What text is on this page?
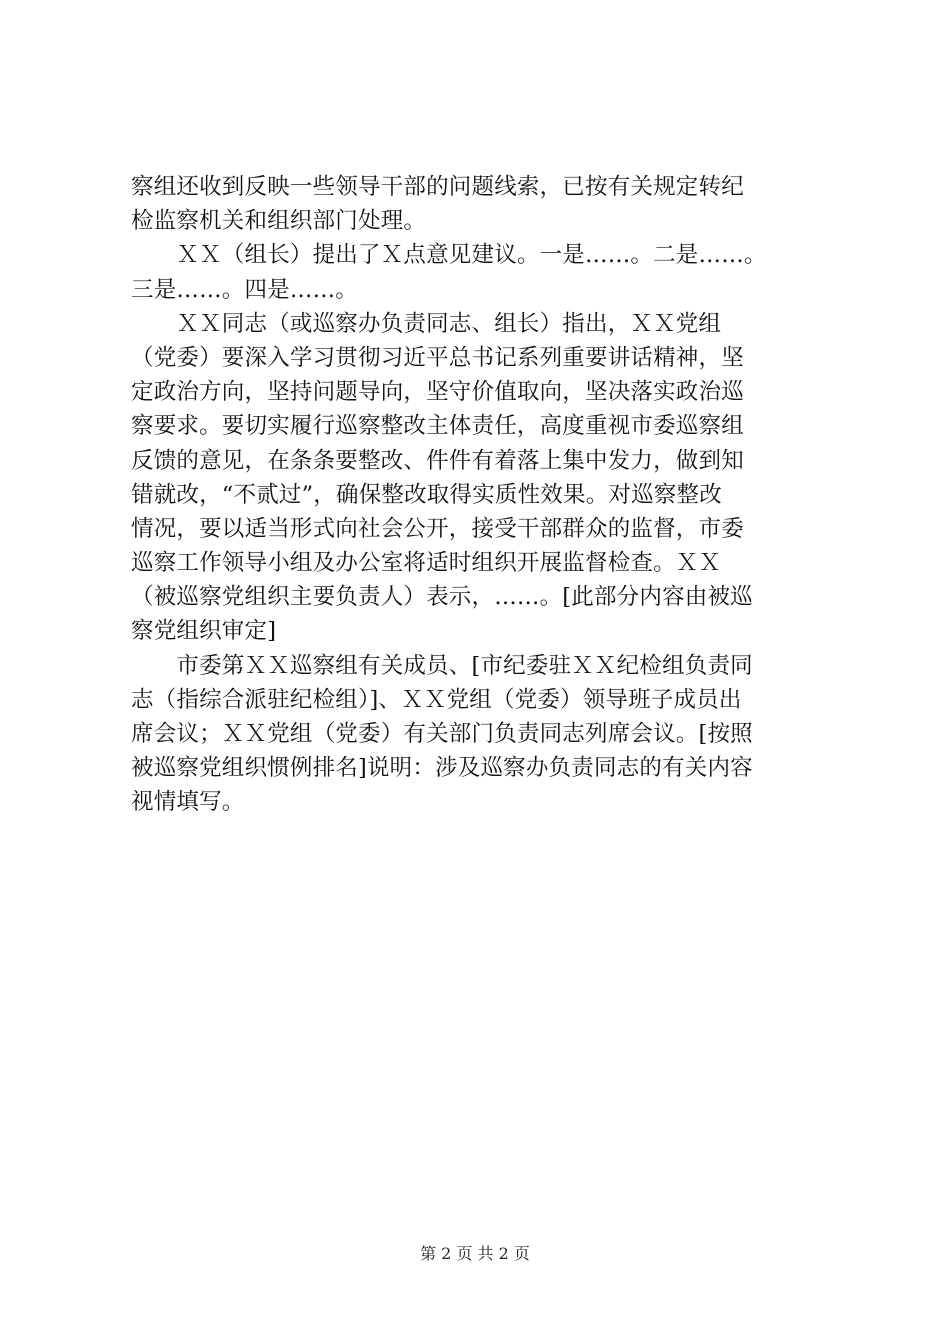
察组还收到反映一些领导干部的问题线索，已按有关规定转纪
检监察机关和组织部门处理。
　　ＸＸ（组长）提出了Ｘ点意见建议。一是……。二是……。
三是……。四是……。
　　ＸＸ同志（或巡察办负责同志、组长）指出，ＸＸ党组
（党委）要深入学习贯彻习近平总书记系列重要讲话精神，坚
定政治方向，坚持问题导向，坚守价值取向，坚决落实政治巡
察要求。要切实履行巡察整改主体责任，高度重视市委巡察组
反馈的意见，在条条要整改、件件有着落上集中发力，做到知
错就改，“不贰过”，确保整改取得实质性效果。对巡察整改
情况，要以适当形式向社会公开，接受干部群众的监督，市委
巡察工作领导小组及办公室将适时组织开展监督检查。ＸＸ
（被巡察党组织主要负责人）表示，……。[此部分内容由被巡
察党组织审定]
　　市委第ＸＸ巡察组有关成员、[市纪委驻ＸＸ纪检组负责同
志（指综合派驻纪检组）]、ＸＸ党组（党委）领导班子成员出
席会议；ＸＸ党组（党委）有关部门负责同志列席会议。[按照
被巡察党组织惯例排名]说明：涉及巡察办负责同志的有关内容
视情填写。
第 2 页 共 2 页
